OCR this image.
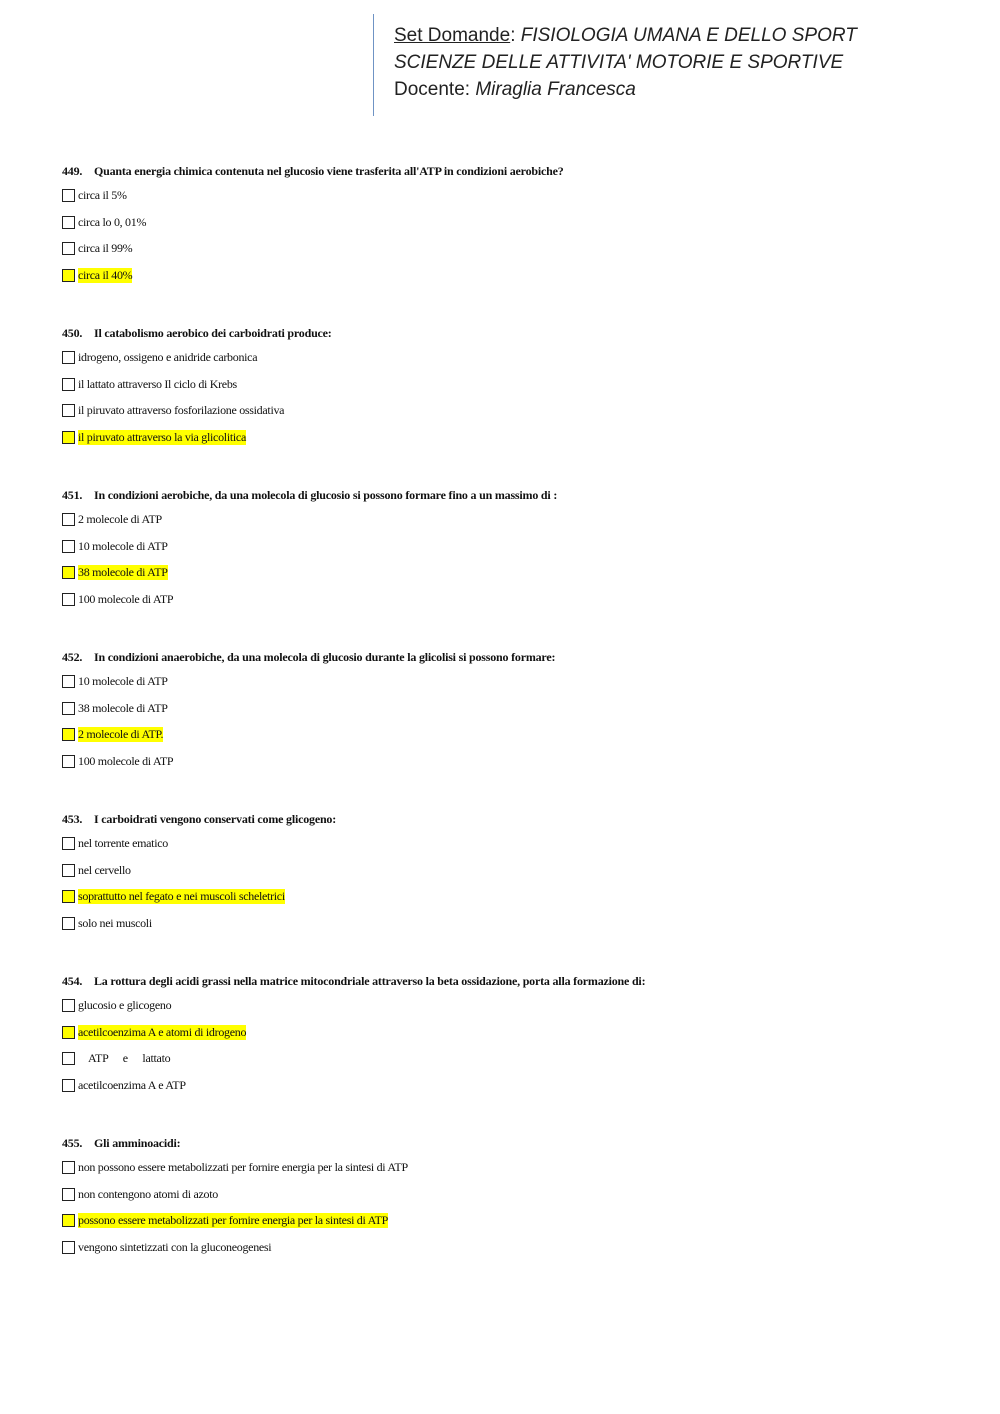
Set Domande: FISIOLOGIA UMANA E DELLO SPORT
SCIENZE DELLE ATTIVITA' MOTORIE E SPORTIVE
Docente: Miraglia Francesca
449. Quanta energia chimica contenuta nel glucosio viene trasferita all'ATP in condizioni aerobiche?
circa il 5%
circa lo 0, 01%
circa il 99%
circa il 40%
450. Il catabolismo aerobico dei carboidrati produce:
idrogeno, ossigeno e anidride carbonica
il lattato attraverso Il ciclo di Krebs
il piruvato attraverso fosforilazione ossidativa
il piruvato attraverso la via glicolitica
451. In condizioni aerobiche, da una molecola di glucosio si possono formare fino a un massimo di :
2 molecole di ATP
10 molecole di ATP
38 molecole di ATP
100 molecole di ATP
452. In condizioni anaerobiche, da una molecola di glucosio durante la glicolisi si possono formare:
10 molecole di ATP
38 molecole di ATP
2 molecole di ATP.
100 molecole di ATP
453. I carboidrati vengono conservati come glicogeno:
nel torrente ematico
nel cervello
soprattutto nel fegato e nei muscoli scheletrici
solo nei muscoli
454. La rottura degli acidi grassi nella matrice mitocondriale attraverso la beta ossidazione, porta alla formazione di:
glucosio e glicogeno
acetilcoenzima A e atomi di idrogeno
ATP e lattato
acetilcoenzima A e ATP
455. Gli amminoacidi:
non possono essere metabolizzati per fornire energia per la sintesi di ATP
non contengono atomi di azoto
possono essere metabolizzati per fornire energia per la sintesi di ATP
vengono sintetizzati con la gluconeogenesi
